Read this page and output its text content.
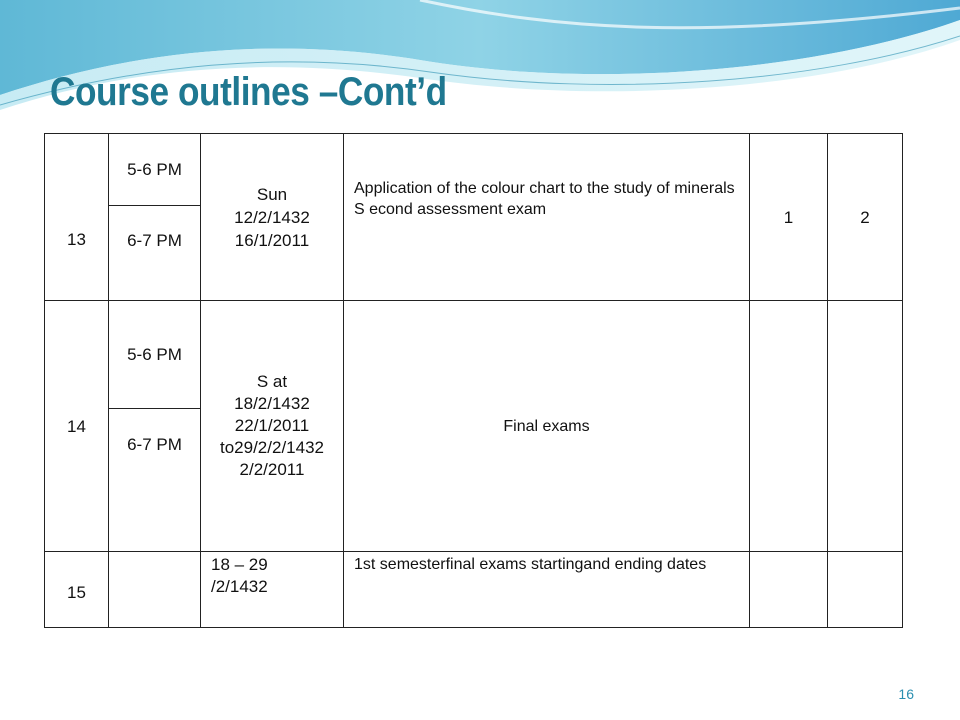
Course outlines –Cont’d
13
5-6 PM
6-7 PM
Sun
12/2/1432
16/1/2011
Application of the colour chart to the study of minerals S econd assessment exam	1	2
14
5-6 PM
6-7 PM
S at
18/2/1432
22/1/2011
to29/2/2/1432
2/2/2011
Final exams
15
18 – 29
/2/1432
1st semesterfinal exams startingand ending dates
16
